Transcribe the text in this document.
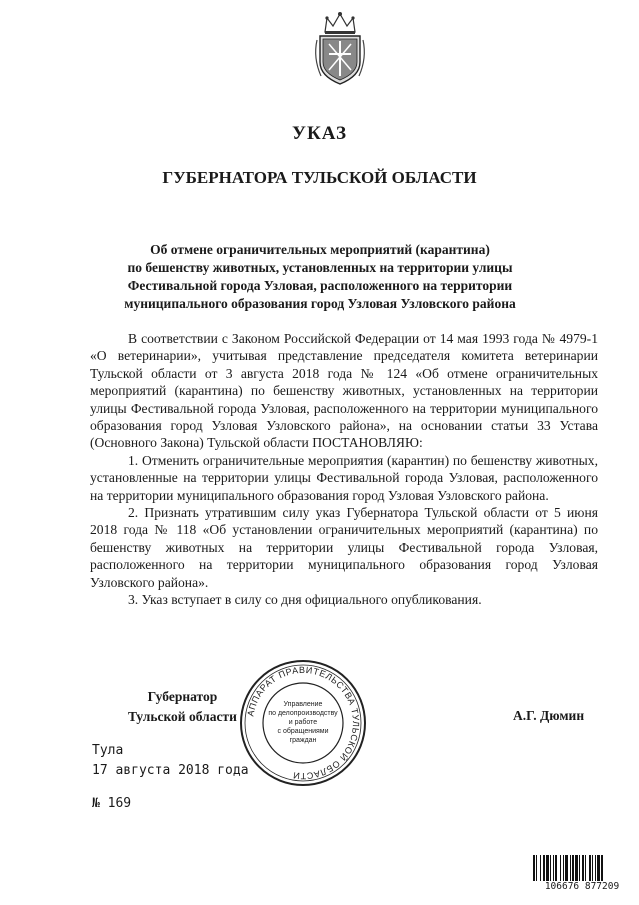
УКАЗ
ГУБЕРНАТОРА ТУЛЬСКОЙ ОБЛАСТИ
Об отмене ограничительных мероприятий (карантина)
по бешенству животных, установленных на территории улицы
Фестивальной города Узловая, расположенного на территории
муниципального образования город Узловая Узловского района

В соответствии с Законом Российской Федерации от 14 мая 1993 года № 4979-1 «О ветеринарии», учитывая представление председателя комитета ветеринарии Тульской области от 3 августа 2018 года № 124 «Об отмене ограничительных мероприятий (карантина) по бешенству животных, установленных на территории улицы Фестивальной города Узловая, расположенного на территории муниципального образования город Узловая Узловского района», на основании статьи 33 Устава (Основного Закона) Тульской области ПОСТАНОВЛЯЮ:

1. Отменить ограничительные мероприятия (карантин) по бешенству животных, установленные на территории улицы Фестивальной города Узловая, расположенного на территории муниципального образования город Узловая Узловского района.

2. Признать утратившим силу указ Губернатора Тульской области от 5 июня 2018 года № 118 «Об установлении ограничительных мероприятий (карантина) по бешенству животных на территории улицы Фестивальной города Узловая, расположенного на территории муниципального образования город Узловая Узловского района».

3. Указ вступает в силу со дня официального опубликования.

АППАРАТ ПРАВИТЕЛЬСТВА ТУЛЬСКОЙ ОБЛАСТИ
Управление
по делопроизводству
и работе
с обращениями
граждан
Губернатор
Тульской области	А.Г. Дюмин
Тула
17 августа 2018 года
№ 169
106676 877209
